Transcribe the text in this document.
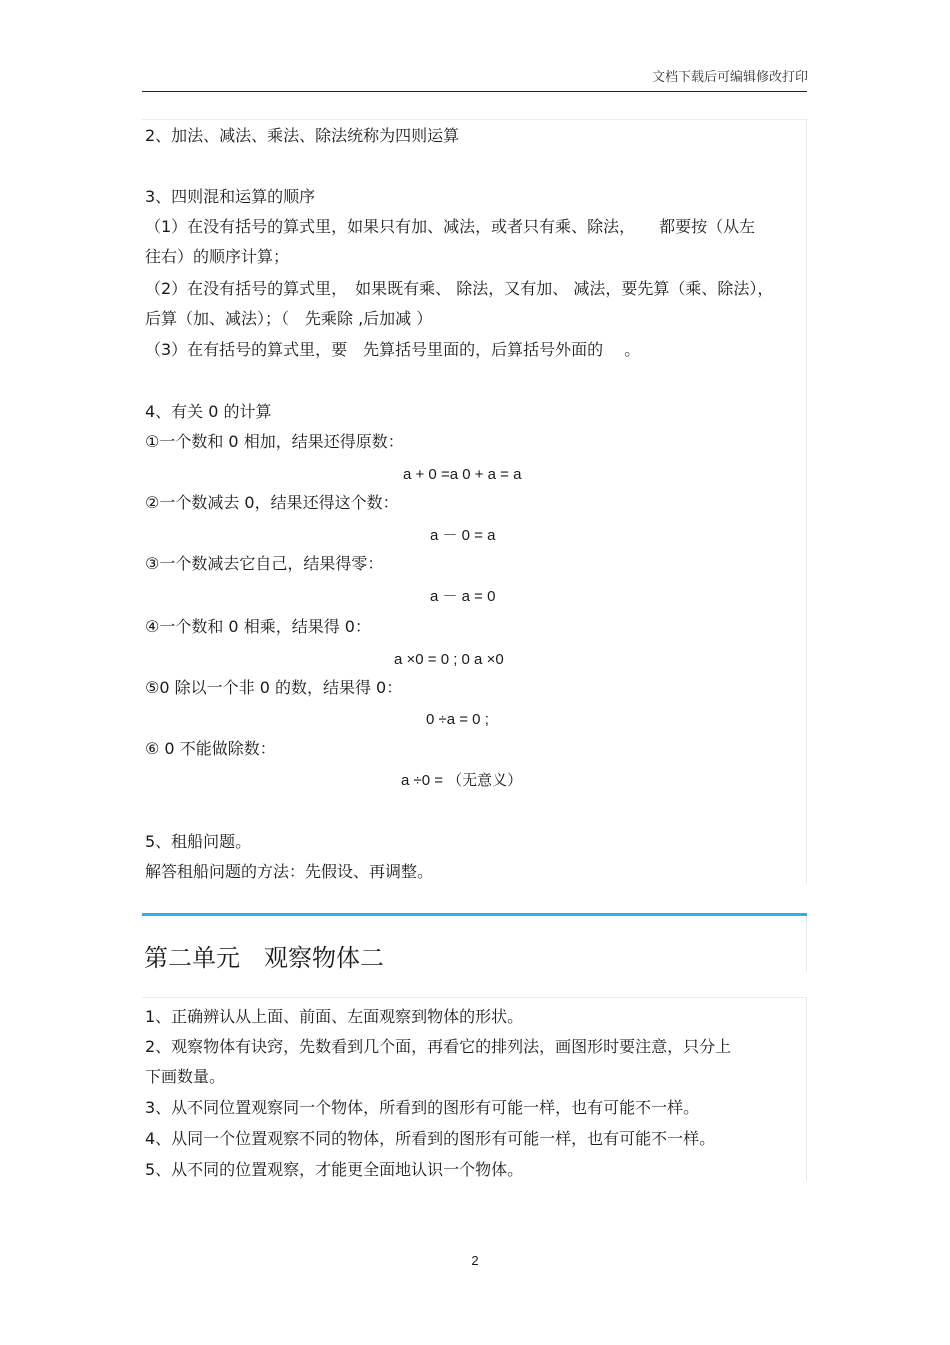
文档下载后可编辑修改打印
2、加法、减法、乘法、除法统称为四则运算
3、四则混和运算的顺序
（1）在没有括号的算式里，如果只有加、减法，或者只有乘、除法，　　都要按（从左
往右）的顺序计算；
（2）在没有括号的算式里，　如果既有乘、 除法，又有加、 减法，要先算（乘、除法），
后算（加、减法）；（　先乘除 ,后加减 ）
（3）在有括号的算式里，要　先算括号里面的，后算括号外面的　 。
4、有关 0 的计算
①一个数和 0 相加，结果还得原数：
a + 0 =a 0 + a = a
②一个数减去 0，结果还得这个数：
a － 0 = a
③一个数减去它自己，结果得零：
a － a = 0
④一个数和 0 相乘，结果得 0：
a ×0 = 0 ; 0 a ×0
⑤0 除以一个非 0 的数，结果得 0：
0 ÷a = 0 ;
⑥ 0 不能做除数：
a ÷0 = （无意义）
5、租船问题。
解答租船问题的方法：先假设、再调整。
第二单元　观察物体二
1、正确辨认从上面、前面、左面观察到物体的形状。
2、观察物体有诀窍，先数看到几个面，再看它的排列法，画图形时要注意，只分上
下画数量。
3、从不同位置观察同一个物体，所看到的图形有可能一样，也有可能不一样。
4、从同一个位置观察不同的物体，所看到的图形有可能一样，也有可能不一样。
5、从不同的位置观察，才能更全面地认识一个物体。
2
